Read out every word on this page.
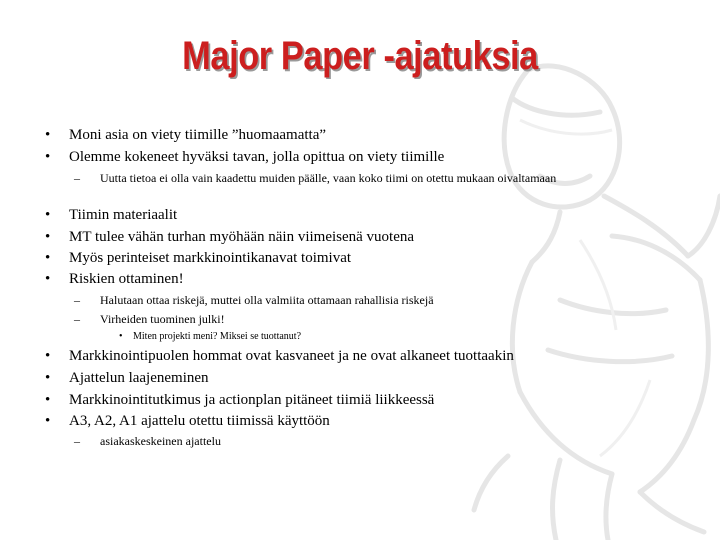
Major Paper -ajatuksia
• Moni asia on viety tiimille ”huomaamatta”
• Olemme kokeneet hyväksi tavan, jolla opittua on viety tiimille
– Uutta tietoa ei olla vain kaadettu muiden päälle, vaan koko tiimi on otettu mukaan oivaltamaan
• Tiimin materiaalit
• MT tulee vähän turhan myöhään näin viimeisenä vuotena
• Myös perinteiset markkinointikanavat toimivat
• Riskien ottaminen!
– Halutaan ottaa riskejä, muttei olla valmiita ottamaan rahallisia riskejä
– Virheiden tuominen julki!
• Miten projekti meni? Miksei se tuottanut?
• Markkinointipuolen hommat ovat kasvaneet ja ne ovat alkaneet tuottaakin
• Ajattelun laajeneminen
• Markkinointitutkimus ja actionplan pitäneet tiimiä liikkeessä
• A3, A2, A1 ajattelu otettu tiimissä käyttöön
– asiakaskeskeinen ajattelu
